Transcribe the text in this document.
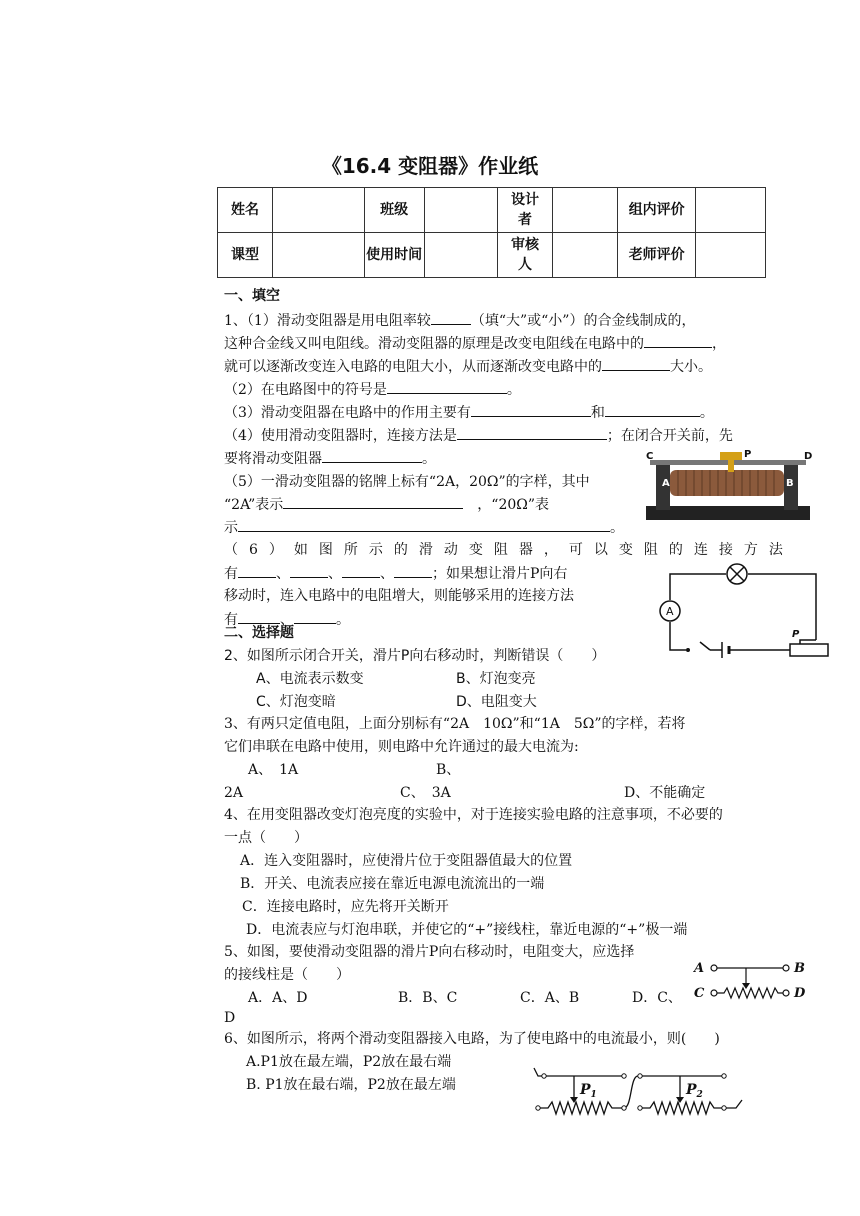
《16.4 变阻器》作业纸
姓名		班级		设计者		组内评价	
课型		使用时间		审核人		老师评价	
一、填空
1、（1）滑动变阻器是用电阻率较	（填“大”或“小”）的合金线制成的，
这种合金线又叫电阻线。滑动变阻器的原理是改变电阻线在电路中的	，
就可以逐渐改变连入电路的电阻大小，从而逐渐改变电路中的	大小。
（2）在电路图中的符号是	。
（3）滑动变阻器在电路中的作用主要有	和	。
（4）使用滑动变阻器时，连接方法是	；在闭合开关前，先
要将滑动变阻器	。
（5）一滑动变阻器的铭牌上标有“2A，20Ω”的字样，其中
“2A”表示	，“20Ω”表
示	。
（6）如图所示的滑动变阻器，可以变阻的连接方法
有	、	、	、	；如果想让滑片P向右
移动时，连入电路中的电阻增大，则能够采用的连接方法
有	、	。
C	P	D
A	B
A
P
二、选择题
2、如图所示闭合开关，滑片P向右移动时，判断错误（　　）
A、电流表示数变	B、灯泡变亮
C、灯泡变暗	D、电阻变大
3、有两只定值电阻，上面分别标有“2A　10Ω”和“1A　5Ω”的字样，若将
它们串联在电路中使用，则电路中允许通过的最大电流为:
A、　1A	B、
2A	C、　3A	D、不能确定
4、在用变阻器改变灯泡亮度的实验中，对于连接实验电路的注意事项，不必要的
一点（　　）
A．连入变阻器时，应使滑片位于变阻器值最大的位置
B．开关、电流表应接在靠近电源电流流出的一端
C．连接电路时，应先将开关断开
D．电流表应与灯泡串联，并使它的“+”接线柱，靠近电源的“+”极一端
5、如图，要使滑动变阻器的滑片P向右移动时，电阻变大，应选择
的接线柱是（　　）
A．A、D	B．B、C	C．A、B	D．C、
D
A	B
C	D
6、如图所示，将两个滑动变阻器接入电路，为了使电路中的电流最小，则(　　)
A.P1放在最左端，P2放在最右端
B. P1放在最右端，P2放在最左端	$P_1$	$P_2$
